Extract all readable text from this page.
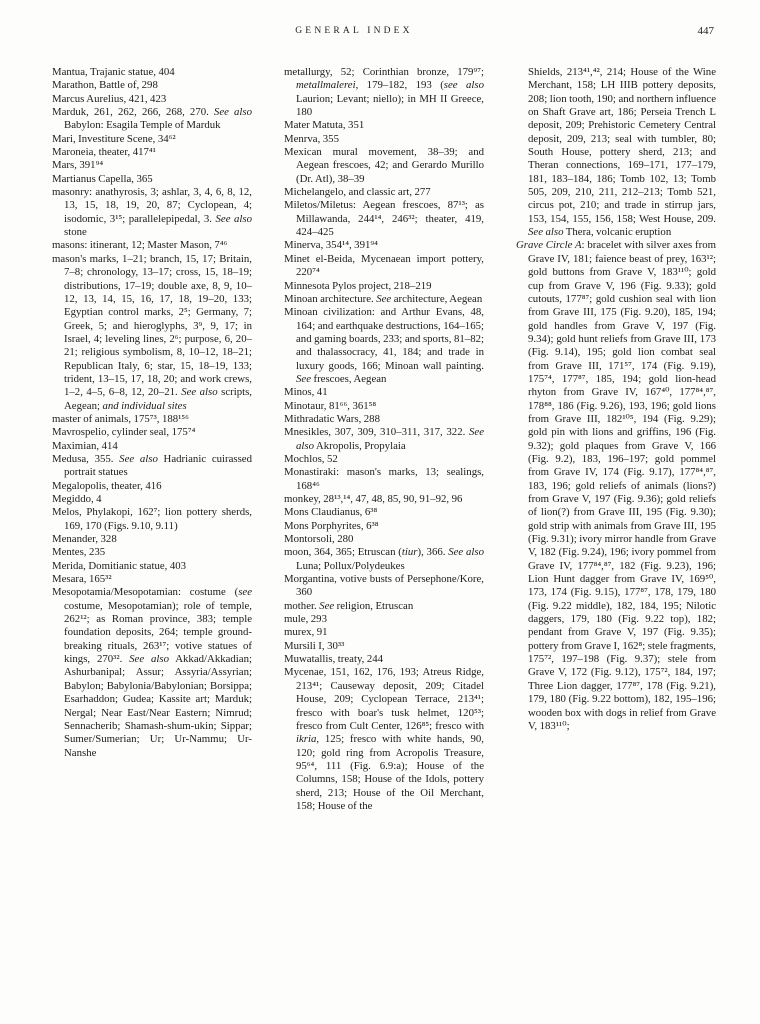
GENERAL INDEX	447

Mantua, Trajanic statue, 404

Marathon, Battle of, 298

Marcus Aurelius, 421, 423

Marduk, 261, 262, 266, 268, 270. See also Babylon: Esagila Temple of Marduk

Mari, Investiture Scene, 34⁶²

Maroneia, theater, 417⁴¹

Mars, 391⁹⁴

Martianus Capella, 365

masonry: anathyrosis, 3; ashlar, 3, 4, 6, 8, 12, 13, 15, 18, 19, 20, 87; Cyclopean, 4; isodomic, 3¹⁵; parallelepipedal, 3. See also stone

masons: itinerant, 12; Master Mason, 7⁴⁶

mason's marks, 1–21; branch, 15, 17; Britain, 7–8; chronology, 13–17; cross, 15, 18–19; distributions, 17–19; double axe, 8, 9, 10–12, 13, 14, 15, 16, 17, 18, 19–20, 133; Egyptian control marks, 2⁵; Germany, 7; Greek, 5; and hieroglyphs, 3⁹, 9, 17; in Israel, 4; leveling lines, 2⁶; purpose, 6, 20–21; religious symbolism, 8, 10–12, 18–21; Republican Italy, 6; star, 15, 18–19, 133; trident, 13–15, 17, 18, 20; and work crews, 1–2, 4–5, 6–8, 12, 20–21. See also scripts, Aegean; and individual sites

master of animals, 175⁷³, 188¹⁵⁶

Mavrospelio, cylinder seal, 175⁷⁴

Maximian, 414

Medusa, 355. See also Hadrianic cuirassed portrait statues

Megalopolis, theater, 416

Megiddo, 4

Melos, Phylakopi, 162⁷; lion pottery sherds, 169, 170 (Figs. 9.10, 9.11)

Menander, 328

Mentes, 235

Merida, Domitianic statue, 403

Mesara, 165³²

Mesopotamia/Mesopotamian: costume (see costume, Mesopotamian); role of temple, 262¹²; as Roman province, 383; temple foundation deposits, 264; temple ground-breaking rituals, 263¹⁷; votive statues of kings, 270³². See also Akkad/Akkadian; Ashurbanipal; Assur; Assyria/Assyrian; Babylon; Babylonia/Babylonian; Borsippa; Esarhaddon; Gudea; Kassite art; Marduk; Nergal; Near East/Near Eastern; Nimrud; Sennacherib; Shamash-shum-ukin; Sippar; Sumer/Sumerian; Ur; Ur-Nammu; Ur-Nanshe

metallurgy, 52; Corinthian bronze, 179⁹⁷; metallmalerei, 179–182, 193 (see also Laurion; Levant; niello); in MH II Greece, 180

Mater Matuta, 351

Menrva, 355

Mexican mural movement, 38–39; and Aegean frescoes, 42; and Gerardo Murillo (Dr. Atl), 38–39

Michelangelo, and classic art, 277

Miletos/Miletus: Aegean frescoes, 87¹³; as Millawanda, 244¹⁴, 246³²; theater, 419, 424–425

Minerva, 354¹⁴, 391⁹⁴

Minet el-Beida, Mycenaean import pottery, 220⁷⁴

Minnesota Pylos project, 218–219

Minoan architecture. See architecture, Aegean

Minoan civilization: and Arthur Evans, 48, 164; and earthquake destructions, 164–165; and gaming boards, 233; and sports, 81–82; and thalassocracy, 41, 184; and trade in luxury goods, 166; Minoan wall painting. See frescoes, Aegean

Minos, 41

Minotaur, 81⁶⁶, 361⁵⁸

Mithradatic Wars, 288

Mnesikles, 307, 309, 310–311, 317, 322. See also Akropolis, Propylaia

Mochlos, 52

Monastiraki: mason's marks, 13; sealings, 168⁴⁶

monkey, 28¹³,¹⁴, 47, 48, 85, 90, 91–92, 96

Mons Claudianus, 6³⁸

Mons Porphyrites, 6³⁸

Montorsoli, 280

moon, 364, 365; Etruscan (tiur), 366. See also Luna; Pollux/Polydeukes

Morgantina, votive busts of Persephone/Kore, 360

mother. See religion, Etruscan

mule, 293

murex, 91

Mursili I, 30³³

Muwatallis, treaty, 244

Mycenae, 151, 162, 176, 193; Atreus Ridge, 213⁴¹; Causeway deposit, 209; Citadel House, 209; Cyclopean Terrace, 213⁴¹; fresco with boar's tusk helmet, 120⁵³; fresco from Cult Center, 126⁸⁵; fresco with ikria, 125; fresco with white hands, 90, 120; gold ring from Acropolis Treasure, 95⁶⁴, 111 (Fig. 6.9:a); House of the Columns, 158; House of the Idols, pottery sherd, 213; House of the Oil Merchant, 158; House of the

Shields, 213⁴¹,⁴², 214; House of the Wine Merchant, 158; LH IIIB pottery deposits, 208; lion tooth, 190; and northern influence on Shaft Grave art, 186; Perseia Trench L deposit, 209; Prehistoric Cemetery Central deposit, 209, 213; seal with tumbler, 80; South House, pottery sherd, 213; and Theran connections, 169–171, 177–179, 181, 183–184, 186; Tomb 102, 13; Tomb 505, 209, 210, 211, 212–213; Tomb 521, circus pot, 210; and trade in stirrup jars, 153, 154, 155, 156, 158; West House, 209. See also Thera, volcanic eruption

Grave Circle A: bracelet with silver axes from Grave IV, 181; faience beast of prey, 163¹²; gold buttons from Grave V, 183¹¹⁰; gold cup from Grave V, 196 (Fig. 9.33); gold cutouts, 177⁸⁷; gold cushion seal with lion from Grave III, 175 (Fig. 9.20), 185, 194; gold handles from Grave V, 197 (Fig. 9.34); gold hunt reliefs from Grave III, 173 (Fig. 9.14), 195; gold lion combat seal from Grave III, 171⁵⁷, 174 (Fig. 9.19), 175⁷⁴, 177⁸⁷, 185, 194; gold lion-head rhyton from Grave IV, 167⁴⁰, 177⁸⁴,⁸⁷, 178⁸⁸, 186 (Fig. 9.26), 193, 196; gold lions from Grave III, 182¹⁰⁵, 194 (Fig. 9.29); gold pin with lions and griffins, 196 (Fig. 9.32); gold plaques from Grave V, 166 (Fig. 9.2), 183, 196–197; gold pommel from Grave IV, 174 (Fig. 9.17), 177⁸⁴,⁸⁷, 183, 196; gold reliefs of animals (lions?) from Grave V, 197 (Fig. 9.36); gold reliefs of lion(?) from Grave III, 195 (Fig. 9.30); gold strip with animals from Grave III, 195 (Fig. 9.31); ivory mirror handle from Grave V, 182 (Fig. 9.24), 196; ivory pommel from Grave IV, 177⁸⁴,⁸⁷, 182 (Fig. 9.23), 196; Lion Hunt dagger from Grave IV, 169⁵⁰, 173, 174 (Fig. 9.15), 177⁸⁷, 178, 179, 180 (Fig. 9.22 middle), 182, 184, 195; Nilotic daggers, 179, 180 (Fig. 9.22 top), 182; pendant from Grave V, 197 (Fig. 9.35); pottery from Grave I, 162⁸; stele fragments, 175⁷², 197–198 (Fig. 9.37); stele from Grave V, 172 (Fig. 9.12), 175⁷², 184, 197; Three Lion dagger, 177⁸⁷, 178 (Fig. 9.21), 179, 180 (Fig. 9.22 bottom), 182, 195–196; wooden box with dogs in relief from Grave V, 183¹¹⁰;
